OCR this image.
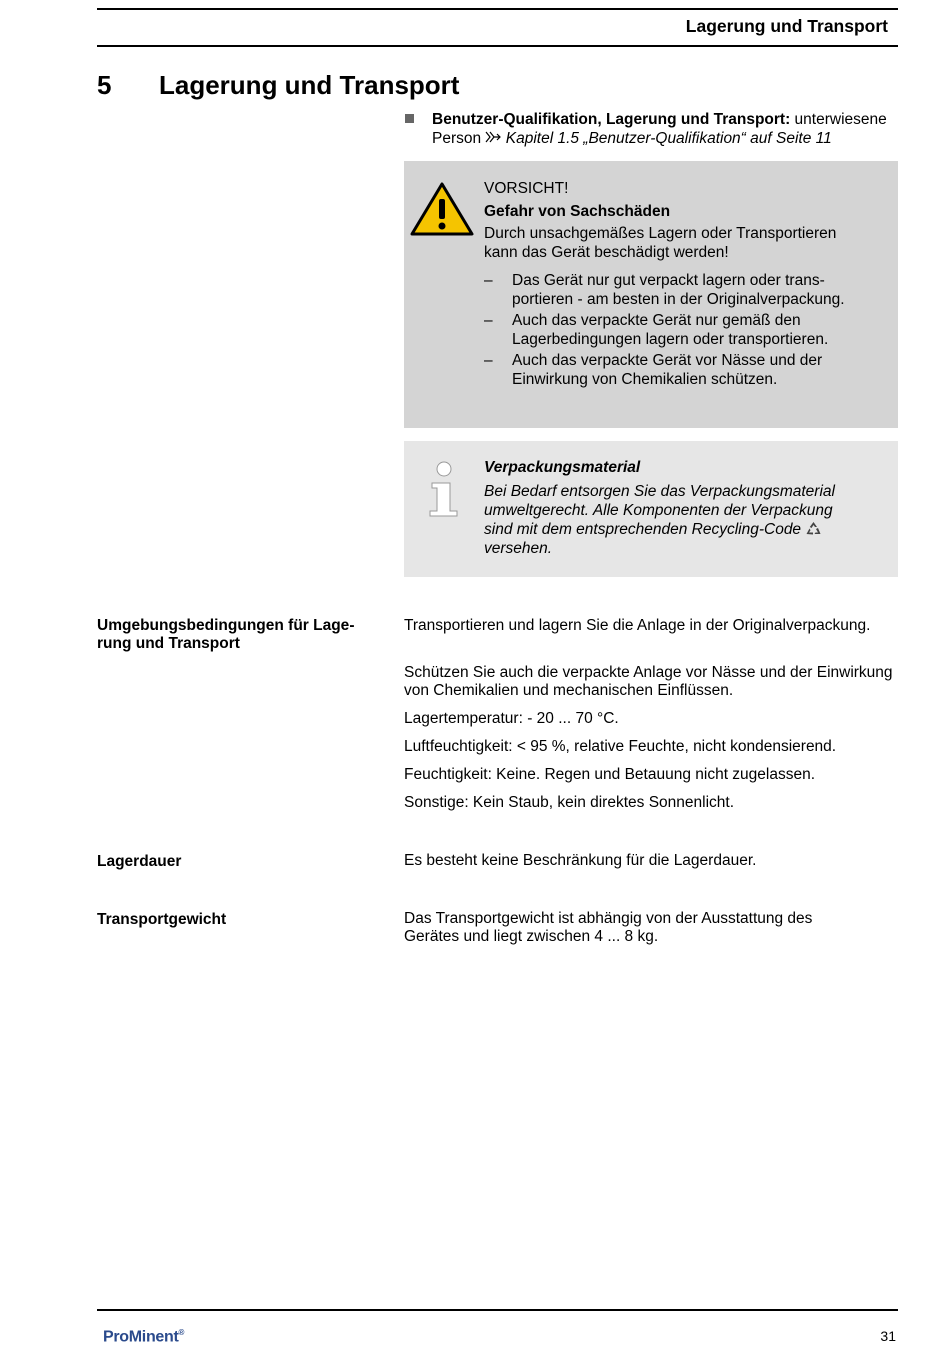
Lagerung und Transport
5 Lagerung und Transport
Benutzer-Qualifikation, Lagerung und Transport: unterwiesene Person Kapitel 1.5 „Benutzer-Qualifikation“ auf Seite 11
VORSICHT!
Gefahr von Sachschäden
Durch unsachgemäßes Lagern oder Transportieren kann das Gerät beschädigt werden!
– Das Gerät nur gut verpackt lagern oder transportieren - am besten in der Originalverpackung.
– Auch das verpackte Gerät nur gemäß den Lagerbedingungen lagern oder transportieren.
– Auch das verpackte Gerät vor Nässe und der Einwirkung von Chemikalien schützen.
Verpackungsmaterial
Bei Bedarf entsorgen Sie das Verpackungsmaterial umweltgerecht. Alle Komponenten der Verpackung sind mit dem entsprechenden Recycling-Code  versehen.
Umgebungsbedingungen für Lagerung und Transport
Transportieren und lagern Sie die Anlage in der Originalverpackung.
Schützen Sie auch die verpackte Anlage vor Nässe und der Einwirkung von Chemikalien und mechanischen Einflüssen.
Lagertemperatur: - 20 ... 70 °C.
Luftfeuchtigkeit: < 95 %, relative Feuchte, nicht kondensierend.
Feuchtigkeit: Keine. Regen und Betauung nicht zugelassen.
Sonstige: Kein Staub, kein direktes Sonnenlicht.
Lagerdauer	Es besteht keine Beschränkung für die Lagerdauer.
Transportgewicht	Das Transportgewicht ist abhängig von der Ausstattung des Gerätes und liegt zwischen 4 ... 8 kg.
ProMinent®	31
